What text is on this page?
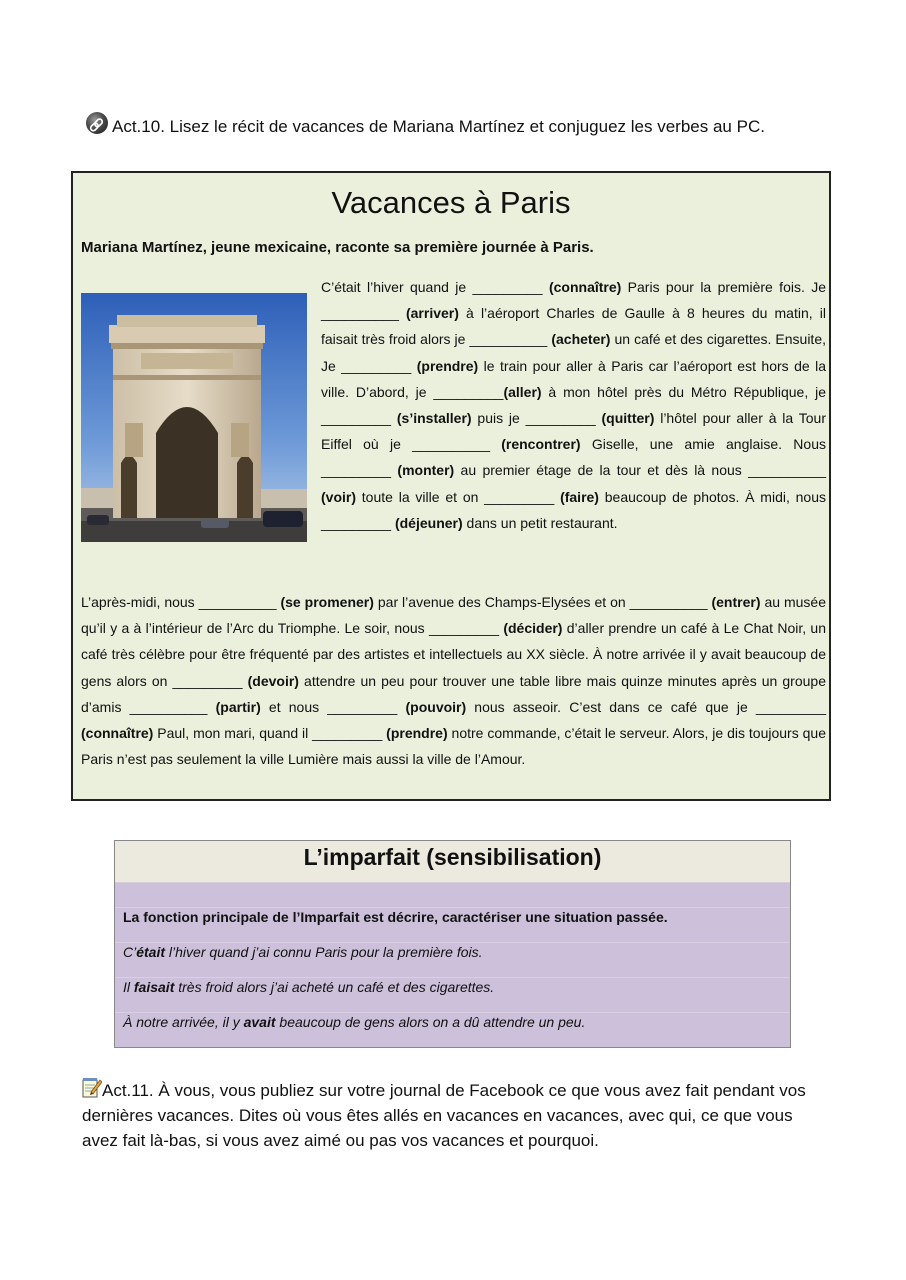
🔗Act.10. Lisez le récit de vacances de Mariana Martínez et conjuguez les verbes au PC.
Vacances à Paris
Mariana Martínez, jeune mexicaine, raconte sa première journée à Paris.
C’était l’hiver quand je _________ (connaître) Paris pour la première fois. Je __________ (arriver) à l’aéroport Charles de Gaulle à 8 heures du matin, il faisait très froid alors je __________ (acheter) un café et des cigarettes. Ensuite, Je _________ (prendre) le train pour aller à Paris car l’aéroport est hors de la ville. D’abord, je _________(aller) à mon hôtel près du Métro République, je _________ (s’installer) puis je _________ (quitter) l’hôtel pour aller à la Tour Eiffel où je __________ (rencontrer) Giselle, une amie anglaise. Nous _________ (monter) au premier étage de la tour et dès là nous __________ (voir) toute la ville et on _________ (faire) beaucoup de photos. À midi, nous _________ (déjeuner) dans un petit restaurant.
L’après-midi, nous __________ (se promener) par l’avenue des Champs-Elysées et on __________ (entrer) au musée qu’il y a à l’intérieur de l’Arc du Triomphe. Le soir, nous _________ (décider) d’aller prendre un café à Le Chat Noir, un café très célèbre pour être fréquenté par des artistes et intellectuels au XX siècle. À notre arrivée il y avait beaucoup de gens alors on _________ (devoir) attendre un peu pour trouver une table libre mais quinze minutes après un groupe d’amis __________ (partir) et nous _________ (pouvoir) nous asseoir. C’est dans ce café que je _________ (connaître) Paul, mon mari, quand il _________ (prendre) notre commande, c’était le serveur. Alors, je dis toujours que Paris n’est pas seulement la ville Lumière mais aussi la ville de l’Amour.
L’imparfait (sensibilisation)
La fonction principale de l’Imparfait est décrire, caractériser une situation passée.
C’était l’hiver quand j’ai connu Paris pour la première fois.
Il faisait très froid alors j’ai acheté un café et des cigarettes.
À notre arrivée, il y avait beaucoup de gens alors on a dû attendre un peu.
Act.11. À vous, vous publiez sur votre journal de Facebook ce que vous avez fait pendant vos dernières vacances. Dites où vous êtes allés en vacances en vacances, avec qui, ce que vous avez fait là-bas, si vous avez aimé ou pas vos vacances et pourquoi.
